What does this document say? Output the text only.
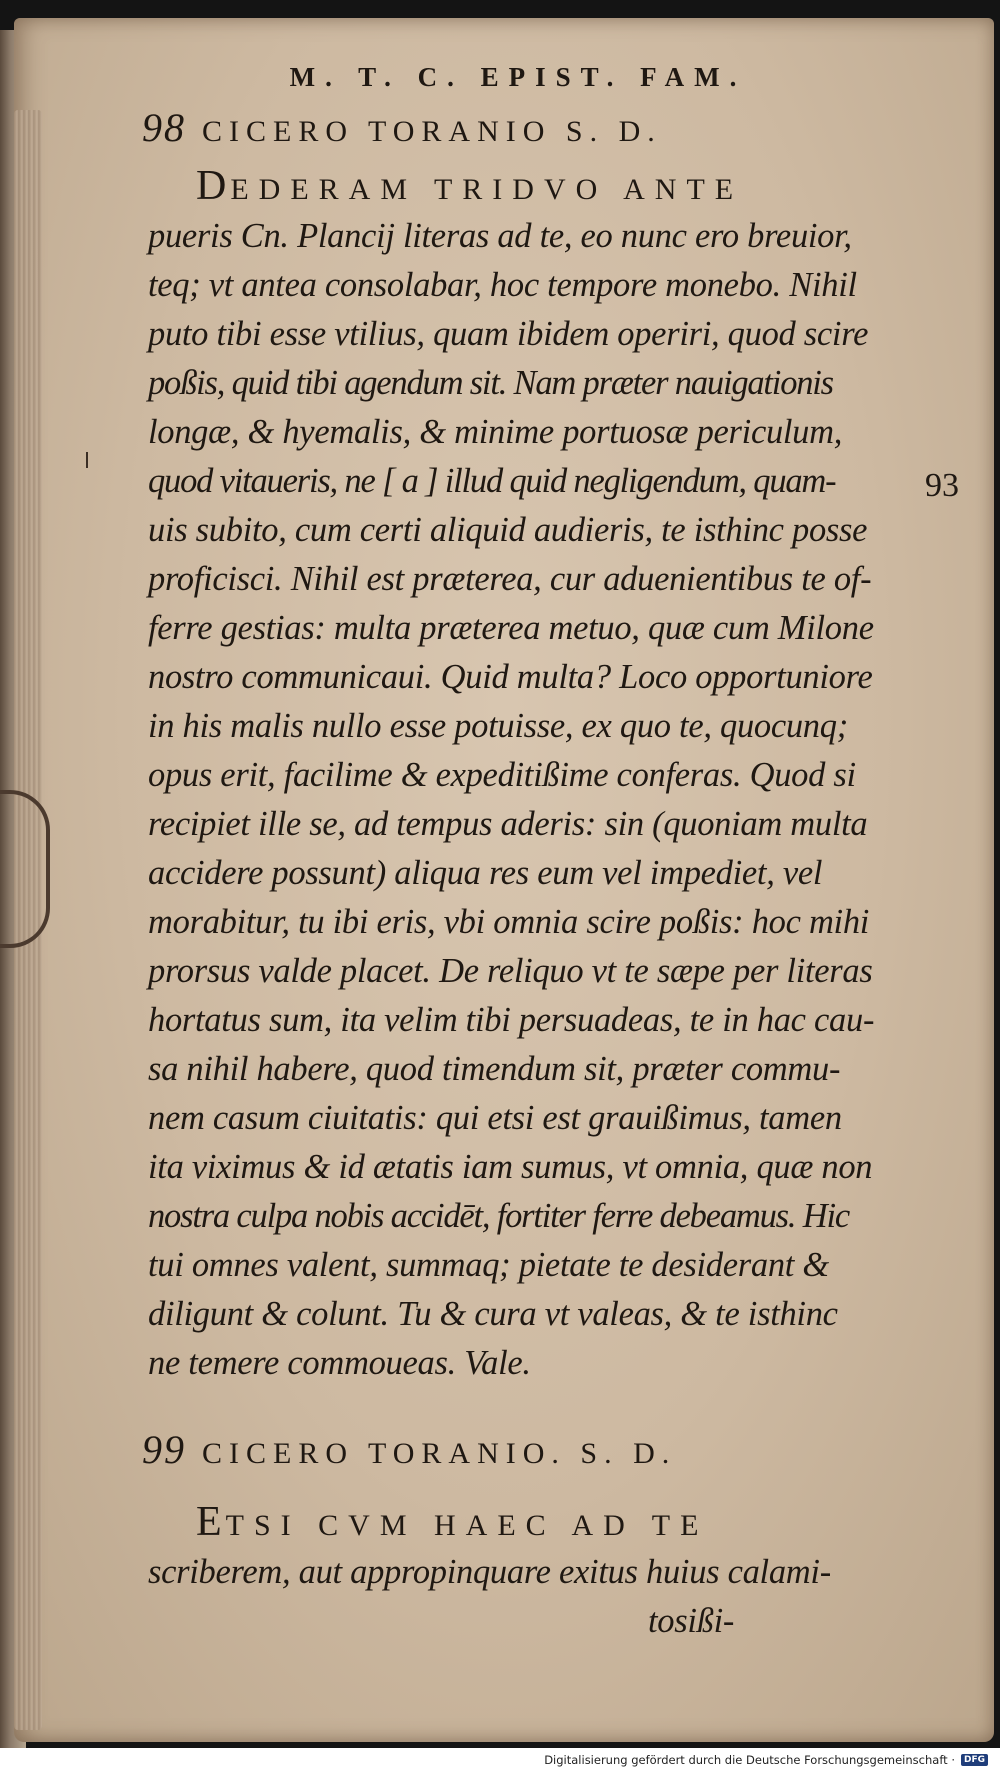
M. T. C. EPIST. FAM.
98 CICERO TORANIO S. D.
DEDERAM TRIDVO ANTE
pueris Cn. Plancij literas ad te, eo nunc ero breuior,
teq; vt antea consolabar, hoc tempore monebo. Nihil
puto tibi esse vtilius, quam ibidem operiri, quod scire
poßis, quid tibi agendum sit. Nam præter nauigationis
longæ, & hyemalis, & minime portuosæ periculum,
quod vitaueris, ne [ a ] illud quid negligendum, quam-
uis subito, cum certi aliquid audieris, te isthinc posse
proficisci. Nihil est præterea, cur aduenientibus te of-
ferre gestias: multa præterea metuo, quæ cum Milone
nostro communicaui. Quid multa? Loco opportuniore
in his malis nullo esse potuisse, ex quo te, quocunq;
opus erit, facilime & expeditißime conferas. Quod si
recipiet ille se, ad tempus aderis: sin (quoniam multa
accidere possunt) aliqua res eum vel impediet, vel
morabitur, tu ibi eris, vbi omnia scire poßis: hoc mihi
prorsus valde placet. De reliquo vt te sæpe per literas
hortatus sum, ita velim tibi persuadeas, te in hac cau-
sa nihil habere, quod timendum sit, præter commu-
nem casum ciuitatis: qui etsi est grauißimus, tamen
ita viximus & id ætatis iam sumus, vt omnia, quæ non
nostra culpa nobis accidēt, fortiter ferre debeamus. Hic
tui omnes valent, summaq; pietate te desiderant &
diligunt & colunt. Tu & cura vt valeas, & te isthinc
ne temere commoueas. Vale.
99 CICERO TORANIO. S. D.
ETSI CVM HAEC AD TE
scriberem, aut appropinquare exitus huius calami-
tosißi-
93
Digitalisierung gefördert durch die Deutsche Forschungsgemeinschaft ·	DFG
